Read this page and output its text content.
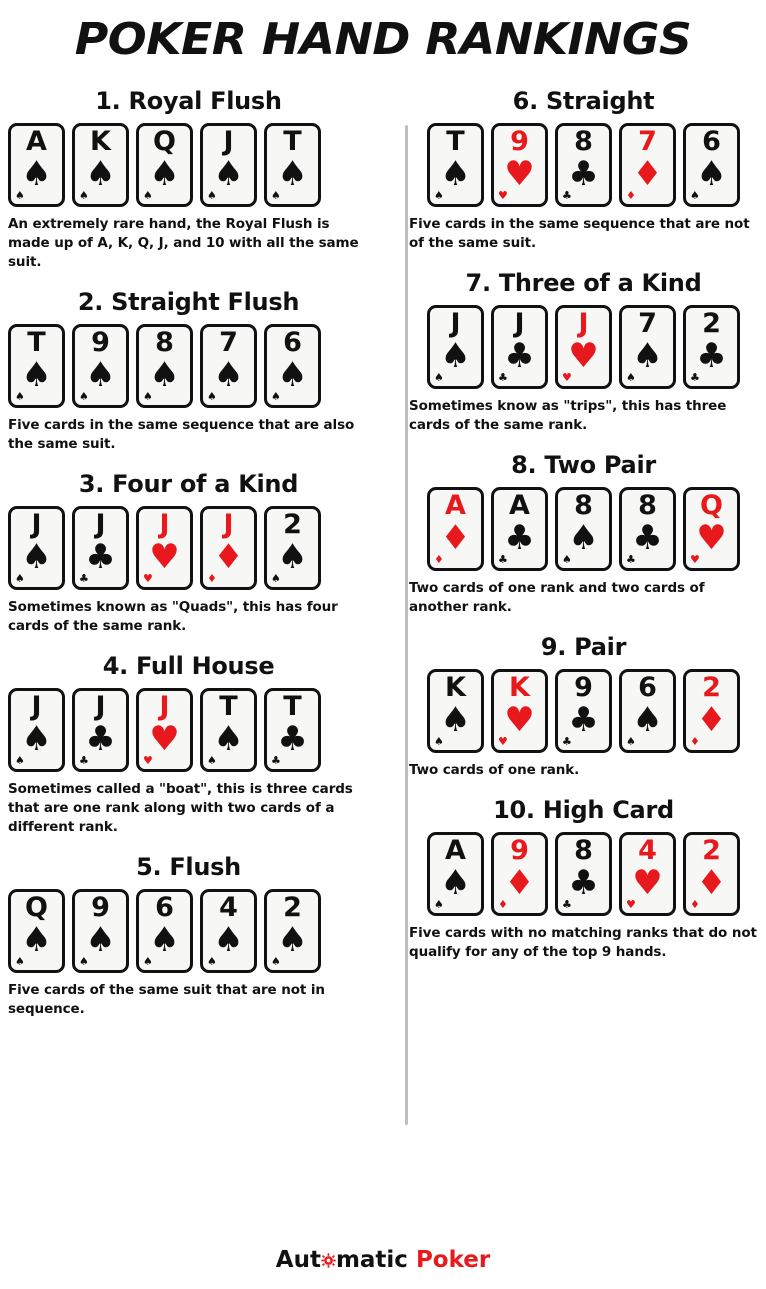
POKER HAND RANKINGS
1. Royal Flush
A
♠
♠
K
♠
♠
Q
♠
♠
J
♠
♠
T
♠
♠

An extremely rare hand, the Royal Flush is made up of A, K, Q, J, and 10 with all the same suit.

2. Straight Flush
T
♠
♠
9
♠
♠
8
♠
♠
7
♠
♠
6
♠
♠

Five cards in the same sequence that are also the same suit.

3. Four of a Kind
J
♠
♠
J
♣
♣
J
♥
♥
J
♦
♦
2
♠
♠

Sometimes known as "Quads", this has four cards of the same rank.

4. Full House
J
♠
♠
J
♣
♣
J
♥
♥
T
♠
♠
T
♣
♣

Sometimes called a "boat", this is three cards that are one rank along with two cards of a different rank.

5. Flush
Q
♠
♠
9
♠
♠
6
♠
♠
4
♠
♠
2
♠
♠

Five cards of the same suit that are not in sequence.

6. Straight
T
♠
♠
9
♥
♥
8
♣
♣
7
♦
♦
6
♠
♠

Five cards in the same sequence that are not of the same suit.

7. Three of a Kind
J
♠
♠
J
♣
♣
J
♥
♥
7
♠
♠
2
♣
♣

Sometimes know as "trips", this has three cards of the same rank.

8. Two Pair
A
♦
♦
A
♣
♣
8
♠
♠
8
♣
♣
Q
♥
♥

Two cards of one rank and two cards of another rank.

9. Pair
K
♠
♠
K
♥
♥
9
♣
♣
6
♠
♠
2
♦
♦

Two cards of one rank.

10. High Card
A
♠
♠
9
♦
♦
8
♣
♣
4
♥
♥
2
♦
♦

Five cards with no matching ranks that do not qualify for any of the top 9 hands.

Aut matic Poker
